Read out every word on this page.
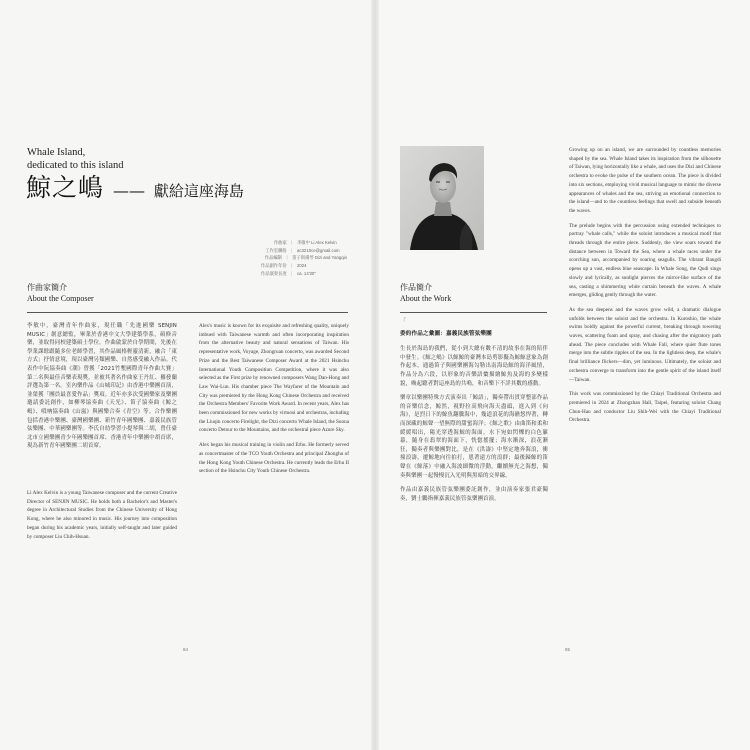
Whale Island,
dedicated to this island
鯨之嶋 —— 獻給這座海島
作曲家 ｜ 李敏中 Li Alex Kelvin
工作室聯絡 ｜ ac3210ce@gmail.com
作品編制 ｜ 笛子與揚琴 Dizi and Yangqin
作品創作年份 ｜ 2024
作品演奏長度 ｜ ca. 14'30"
作曲家簡介
About the Composer

李敏中，臺灣青年作曲家，現任職「先進國樂 SENJIN MUSIC」創意總監，畢業於香港中文大學建築學系，碩修音樂，並取得同校建築碩士學位。作曲啟蒙於自學期間，先後在學業課餘跟隨多位老師學習，其作品風格輕靈清新，融合「東方式」抒情意境，現以臺灣另類國樂、自然感受融入作品。代表作中阮協奏曲《潮》曾獲「2021竹塹國際青年作曲大賽」第二名與最佳音樂表現獎，並被其著名作曲家王丹紅、羅發蘭評選為第一名。室內樂作品《山城印記》由香港中樂團首演，並榮獲「團員最喜愛作品」獎項。近年亦多次受國樂家及樂團邀請委託創作，如柳琴協奏曲《天光》、笛子協奏曲《鯨之嶋》、嗩吶協奏曲《山嵐》與國樂合奏《青空》等。合作樂團包括香港中樂團、臺灣國樂團、新竹青年國樂團、嘉義民族管弦樂團、中華國樂團等。李氏自幼學習小提琴與二胡，曾任臺北市立國樂團青少年國樂團首席、香港青年中樂團中胡首席，現為新竹青年國樂團二胡首席。

Li Alex Kelvin is a young Taiwanese composer and the current Creative Director of SENJIN MUSIC. He holds both a Bachelor's and Master's degree in Architectural Studies from the Chinese University of Hong Kong, where he also minored in music. His journey into composition began during his academic years, initially self-taught and later guided by composer Liu Chih-Hsuan.

Alex's music is known for its exquisite and refreshing quality, uniquely imbued with Taiwanese warmth and often incorporating inspiration from the alternative beauty and natural sensations of Taiwan. His representative work, Voyage, Zhongruan concerto, was awarded Second Prize and the Best Taiwanese Composer Award at the 2021 Hsinchu International Youth Composition Competition, where it was also selected as the First prize by renowned composers Wang Dan-Hong and Law Wai-Lun. His chamber piece The Wayfarer of the Mountain and City was premiered by the Hong Kong Chinese Orchestra and received the Orchestra Members' Favorite Work Award. In recent years, Alex has been commissioned for new works by virtuosi and orchestras, including the Liuqin concerto Firelight, the Dizi concerto Whale Island, the Suona concerto Detour to the Mountains, and the orchestral piece Azure Sky.

Alex began his musical training in violin and Erhu. He formerly served as concertmaster of the TCO Youth Orchestra and principal Zhonghu of the Hong Kong Youth Chinese Orchestra. He currently leads the Erhu II section of the Hsinchu City Youth Chinese Orchestra.

84
作品簡介
About the Work
「
委約作品之彙圖：嘉義民族管弦樂團

生長於海島的我們，從小到大總有數不清的故事在海的陪伴中發生。《鯨之嶋》以鯨鯨的臺灣本島剪影擬為鯨鯨意象為創作起本，通過笛子與國樂團海勾勒出南海島鯨的海洋風情，作品分為六段，以形象的音樂語彙描繪鯨魚及海的多變樣貌，喚起聽者對這座島的共鳴，和音樂下不詳其數的感動。

樂章以樂團特殊方式演奏出「鯨語」，獨奏帶出貫穿整部作品的音樂信念，鯨然，視野拉高飛向海天盡頭，進入到《向海》，是烈日下的鯨魚翻騰海中，幾道浪花的海礁悠悍著，轉而深藏的鯨聲一望無際的甜蜜海洋；《鯨之歌》由曲笛和柔和緩緩唱出，陽光穿透海鯨的海面，水下宛如閃爍的白色簾幕，隨身在翡翠的海面下，恍惚搖擺；海水漸深，浪花漸狂，獨奏者與樂團對比，是在《洪濤》中堅定地奔海浪，衝撞浪濤，遷鯨地向往拍打，恩著遠方的浪群；最後歸鯨的笛聲在《鯨落》中融入海波細微的浮動，繼續無光之海想，獨奏與樂團一起慢慢沉入光明與黑暗的交界線。

作品由嘉義民族管弦樂團委託創作，並由演奏家張君豪獨奏，劉士鵬指揮嘉義民族管弦樂團首演。

Growing up on an island, we are surrounded by countless memories shaped by the sea. Whale Island takes its inspiration from the silhouette of Taiwan, lying horizontally like a whale, and uses the Dizi and Chinese orchestra to evoke the pulse of the southern ocean. The piece is divided into six sections, employing vivid musical language to mimic the diverse appearances of whales and the sea, striving an emotional connection to the island—and to the countless feelings that swell and subside beneath the waves.

The prelude begins with the percussion using extended techniques to portray "whale calls," while the soloist introduces a musical motif that threads through the entire piece. Suddenly, the view soars toward the distance between in Toward the Sea, where a whale races under the scorching sun, accompanied by soaring seagulls. The vibrant Bangdi opens up a vast, endless blue seascape. In Whale Song, the Qudi sings slowly and lyrically, as sunlight pierces the mirror-like surface of the sea, casting a shimmering white curtain beneath the waves. A whale emerges, gliding gently through the water.

As the sea deepens and the waves grow wild, a dramatic dialogue unfolds between the soloist and the orchestra. In Kuroshio, the whale swims boldly against the powerful current, breaking through towering waves, scattering foam and spray, and chasing after the migratory path ahead. The piece concludes with Whale Fall, where quiet flute tones merge into the subtle ripples of the sea. In the lightless deep, the whale's final brilliance flickers—dim, yet luminous. Ultimately, the soloist and orchestra converge to transform into the gentle spirit of the island itself—Taiwan.

This work was commissioned by the Chiayi Traditional Orchestra and premiered in 2024 at Zhongzhan Hall, Taipei, featuring soloist Chang Chun-Hao and conductor Liu Shih-Wei with the Chiayi Traditional Orchestra.

85
